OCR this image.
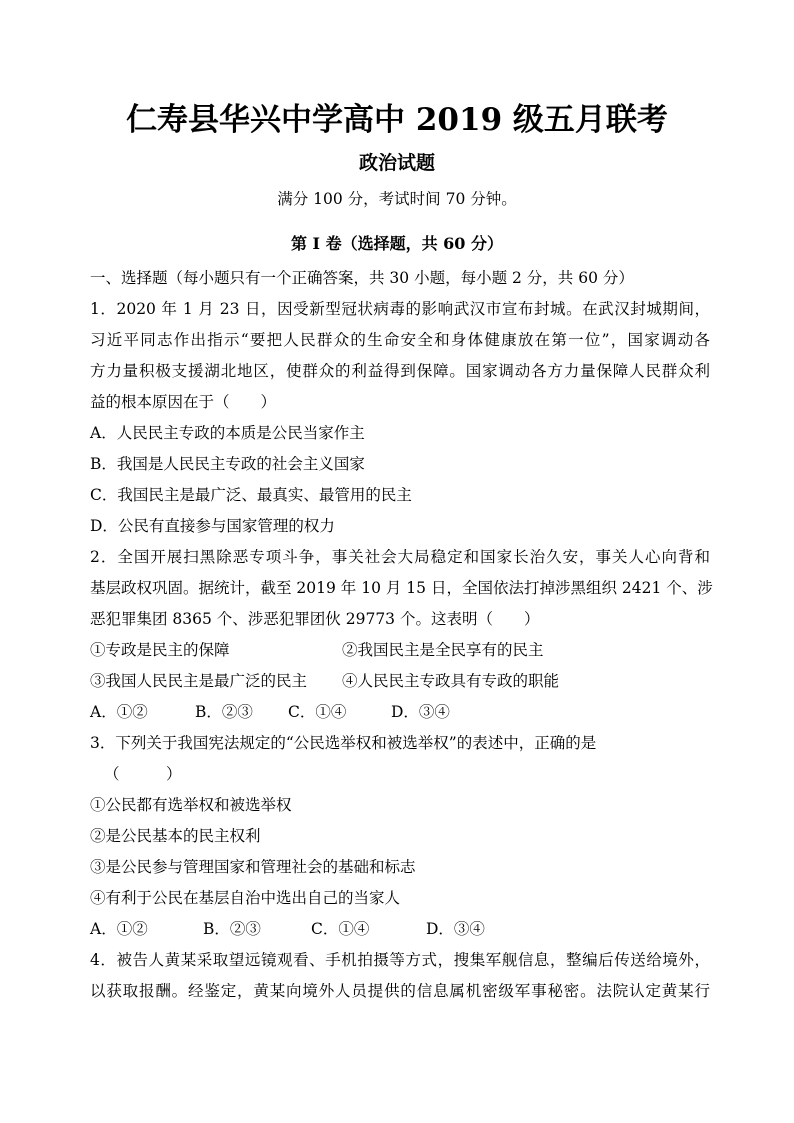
仁寿县华兴中学高中 2019 级五月联考
政治试题
满分 100 分，考试时间 70 分钟。
第 I 卷（选择题，共 60 分）
一、选择题（每小题只有一个正确答案，共 30 小题，每小题 2 分，共 60 分）
1．2020 年 1 月 23 日，因受新型冠状病毒的影响武汉市宣布封城。在武汉封城期间，
习近平同志作出指示“要把人民群众的生命安全和身体健康放在第一位”，国家调动各
方力量积极支援湖北地区，使群众的利益得到保障。国家调动各方力量保障人民群众利
益的根本原因在于（　　）
A．人民民主专政的本质是公民当家作主
B．我国是人民民主专政的社会主义国家
C．我国民主是最广泛、最真实、最管用的民主
D．公民有直接参与国家管理的权力
2．全国开展扫黑除恶专项斗争，事关社会大局稳定和国家长治久安，事关人心向背和
基层政权巩固。据统计，截至 2019 年 10 月 15 日，全国依法打掉涉黑组织 2421 个、涉
恶犯罪集团 8365 个、涉恶犯罪团伙 29773 个。这表明（　　）
①专政是民主的保障	②我国民主是全民享有的民主
③我国人民民主是最广泛的民主	④人民民主专政具有专政的职能
A．①②	B．②③ C．①④	D．③④
3．下列关于我国宪法规定的“公民选举权和被选举权”的表述中，正确的是
（　　　）
①公民都有选举权和被选举权
②是公民基本的民主权利
③是公民参与管理国家和管理社会的基础和标志
④有利于公民在基层自治中选出自己的当家人
A．①②	B．②③	C．①④	D．③④
4．被告人黄某采取望远镜观看、手机拍摄等方式，搜集军舰信息，整编后传送给境外，
以获取报酬。经鉴定，黄某向境外人员提供的信息属机密级军事秘密。法院认定黄某行
